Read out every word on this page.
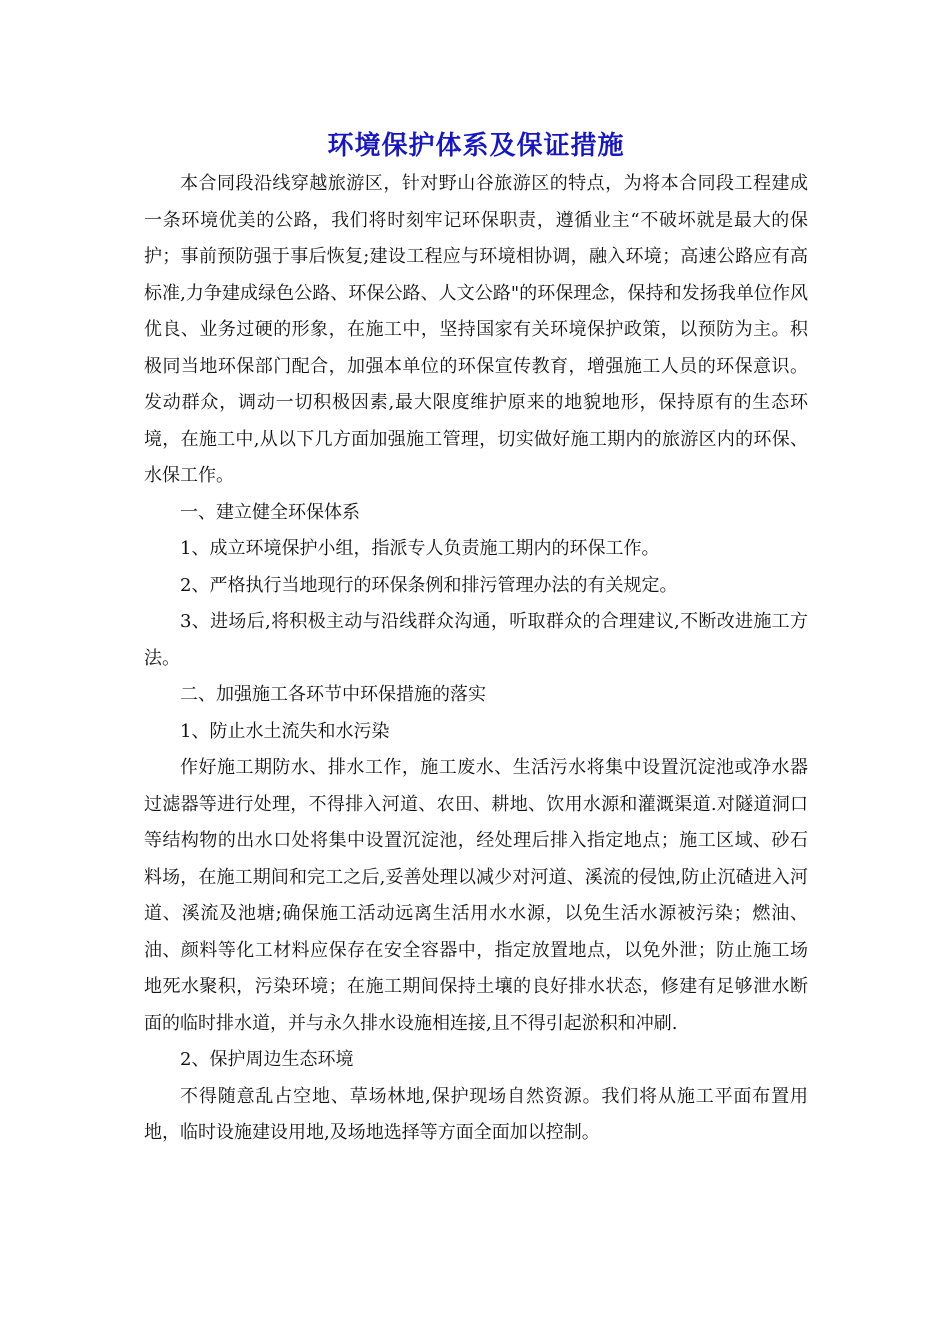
环境保护体系及保证措施

本合同段沿线穿越旅游区，针对野山谷旅游区的特点，为将本合同段工程建成一条环境优美的公路，我们将时刻牢记环保职责，遵循业主“不破坏就是最大的保护；事前预防强于事后恢复;建设工程应与环境相协调，融入环境；高速公路应有高标准,力争建成绿色公路、环保公路、人文公路"的环保理念，保持和发扬我单位作风优良、业务过硬的形象，在施工中，坚持国家有关环境保护政策，以预防为主。积极同当地环保部门配合，加强本单位的环保宣传教育，增强施工人员的环保意识。发动群众，调动一切积极因素,最大限度维护原来的地貌地形，保持原有的生态环境，在施工中,从以下几方面加强施工管理，切实做好施工期内的旅游区内的环保、水保工作。

一、建立健全环保体系

1、成立环境保护小组，指派专人负责施工期内的环保工作。

2、严格执行当地现行的环保条例和排污管理办法的有关规定。

3、进场后,将积极主动与沿线群众沟通，听取群众的合理建议,不断改进施工方法。

二、加强施工各环节中环保措施的落实

1、防止水土流失和水污染

作好施工期防水、排水工作，施工废水、生活污水将集中设置沉淀池或净水器过滤器等进行处理，不得排入河道、农田、耕地、饮用水源和灌溉渠道.对隧道洞口等结构物的出水口处将集中设置沉淀池，经处理后排入指定地点；施工区域、砂石料场，在施工期间和完工之后,妥善处理以减少对河道、溪流的侵蚀,防止沉碴进入河道、溪流及池塘;确保施工活动远离生活用水水源，以免生活水源被污染；燃油、油、颜料等化工材料应保存在安全容器中，指定放置地点，以免外泄；防止施工场地死水聚积，污染环境；在施工期间保持土壤的良好排水状态，修建有足够泄水断面的临时排水道，并与永久排水设施相连接,且不得引起淤积和冲刷.

2、保护周边生态环境

不得随意乱占空地、草场林地,保护现场自然资源。我们将从施工平面布置用地，临时设施建设用地,及场地选择等方面全面加以控制。
